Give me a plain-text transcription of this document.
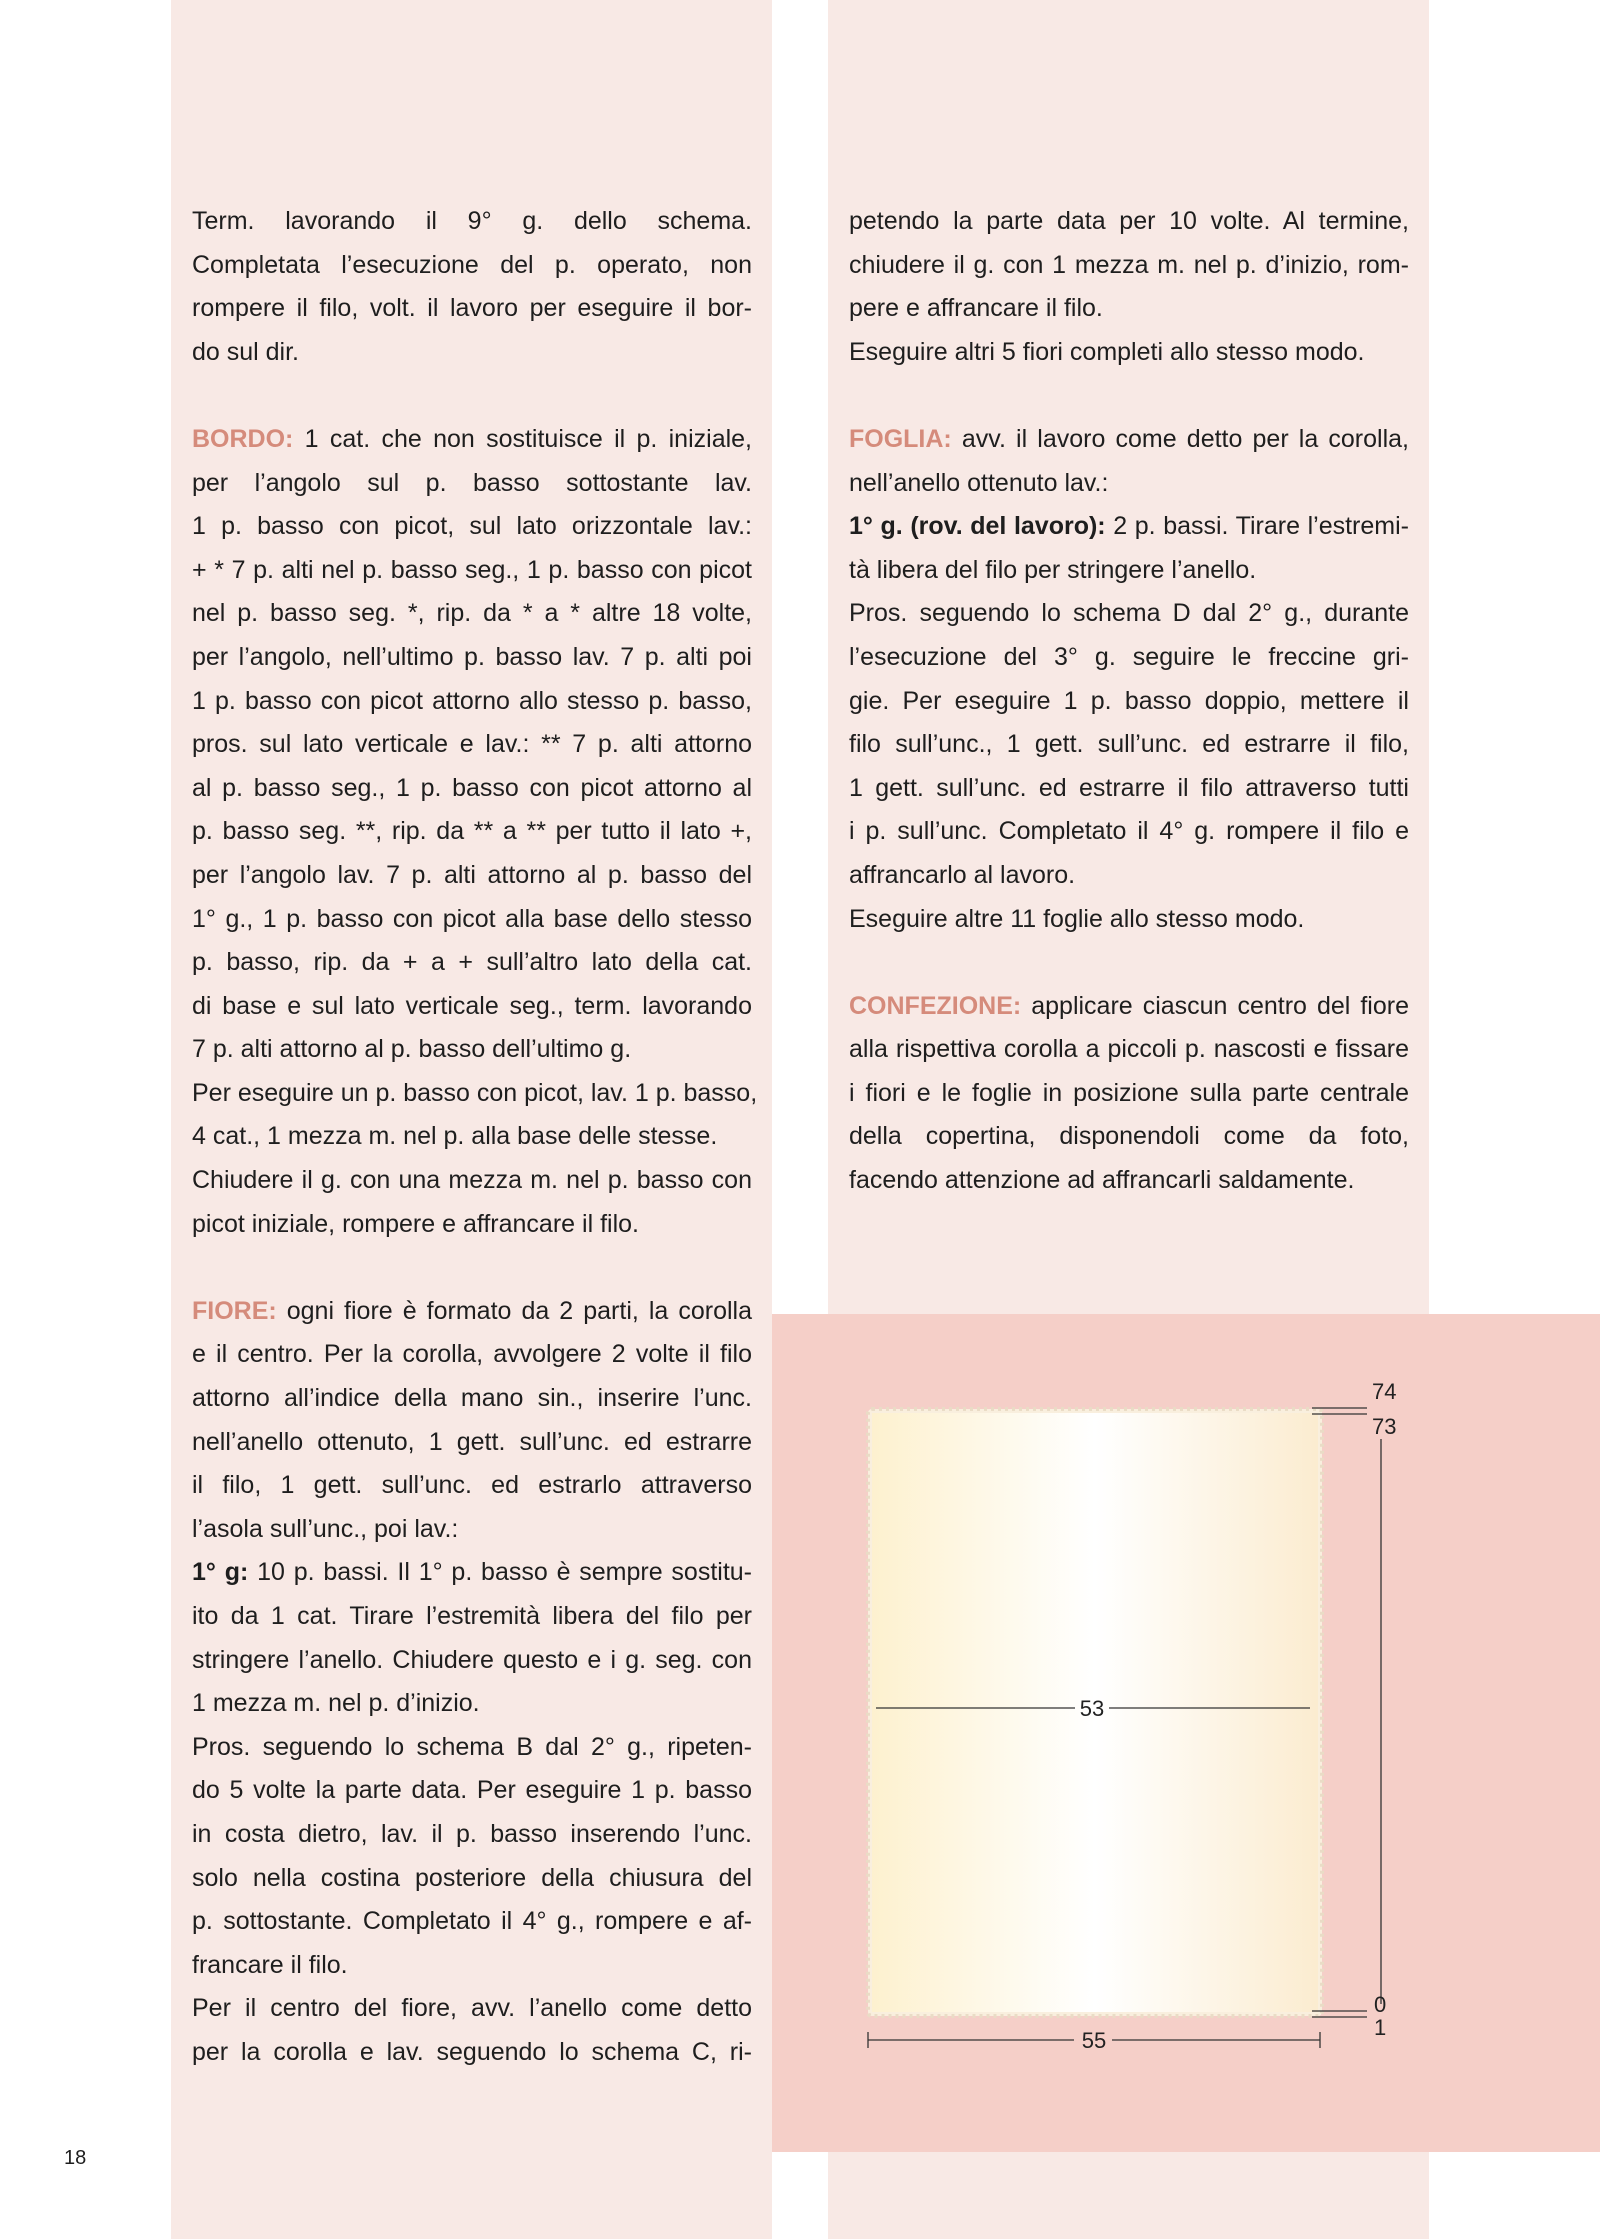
Term. lavorando il 9° g. dello schema.
Completata l’esecuzione del p. operato, non
rompere il filo, volt. il lavoro per eseguire il bor-
do sul dir.

BORDO: 1 cat. che non sostituisce il p. iniziale,
per l’angolo sul p. basso sottostante lav.
1 p. basso con picot, sul lato orizzontale lav.:
+ * 7 p. alti nel p. basso seg., 1 p. basso con picot
nel p. basso seg. *, rip. da * a * altre 18 volte,
per l’angolo, nell’ultimo p. basso lav. 7 p. alti poi
1 p. basso con picot attorno allo stesso p. basso,
pros. sul lato verticale e lav.: ** 7 p. alti attorno
al p. basso seg., 1 p. basso con picot attorno al
p. basso seg. **, rip. da ** a ** per tutto il lato +,
per l’angolo lav. 7 p. alti attorno al p. basso del
1° g., 1 p. basso con picot alla base dello stesso
p. basso, rip. da + a + sull’altro lato della cat.
di base e sul lato verticale seg., term. lavorando
7 p. alti attorno al p. basso dell’ultimo g.
Per eseguire un p. basso con picot, lav. 1 p. basso,
4 cat., 1 mezza m. nel p. alla base delle stesse.
Chiudere il g. con una mezza m. nel p. basso con
picot iniziale, rompere e affrancare il filo.

FIORE: ogni fiore è formato da 2 parti, la corolla
e il centro. Per la corolla, avvolgere 2 volte il filo
attorno all’indice della mano sin., inserire l’unc.
nell’anello ottenuto, 1 gett. sull’unc. ed estrarre
il filo, 1 gett. sull’unc. ed estrarlo attraverso
l’asola sull’unc., poi lav.:
1° g: 10 p. bassi. Il 1° p. basso è sempre sostitu-
ito da 1 cat. Tirare l’estremità libera del filo per
stringere l’anello. Chiudere questo e i g. seg. con
1 mezza m. nel p. d’inizio.
Pros. seguendo lo schema B dal 2° g., ripeten-
do 5 volte la parte data. Per eseguire 1 p. basso
in costa dietro, lav. il p. basso inserendo l’unc.
solo nella costina posteriore della chiusura del
p. sottostante. Completato il 4° g., rompere e af-
francare il filo.
Per il centro del fiore, avv. l’anello come detto
per la corolla e lav. seguendo lo schema C, ri-

petendo la parte data per 10 volte. Al termine,
chiudere il g. con 1 mezza m. nel p. d’inizio, rom-
pere e affrancare il filo.
Eseguire altri 5 fiori completi allo stesso modo.

FOGLIA: avv. il lavoro come detto per la corolla,
nell’anello ottenuto lav.:
1° g. (rov. del lavoro): 2 p. bassi. Tirare l’estremi-
tà libera del filo per stringere l’anello.
Pros. seguendo lo schema D dal 2° g., durante
l’esecuzione del 3° g. seguire le freccine gri-
gie. Per eseguire 1 p. basso doppio, mettere il
filo sull’unc., 1 gett. sull’unc. ed estrarre il filo,
1 gett. sull’unc. ed estrarre il filo attraverso tutti
i p. sull’unc. Completato il 4° g. rompere il filo e
affrancarlo al lavoro.
Eseguire altre 11 foglie allo stesso modo.

CONFEZIONE: applicare ciascun centro del fiore
alla rispettiva corolla a piccoli p. nascosti e fissare
i fiori e le foglie in posizione sulla parte centrale
della copertina, disponendoli come da foto,
facendo attenzione ad affrancarli saldamente.

74
73
0
1
53
55
18
